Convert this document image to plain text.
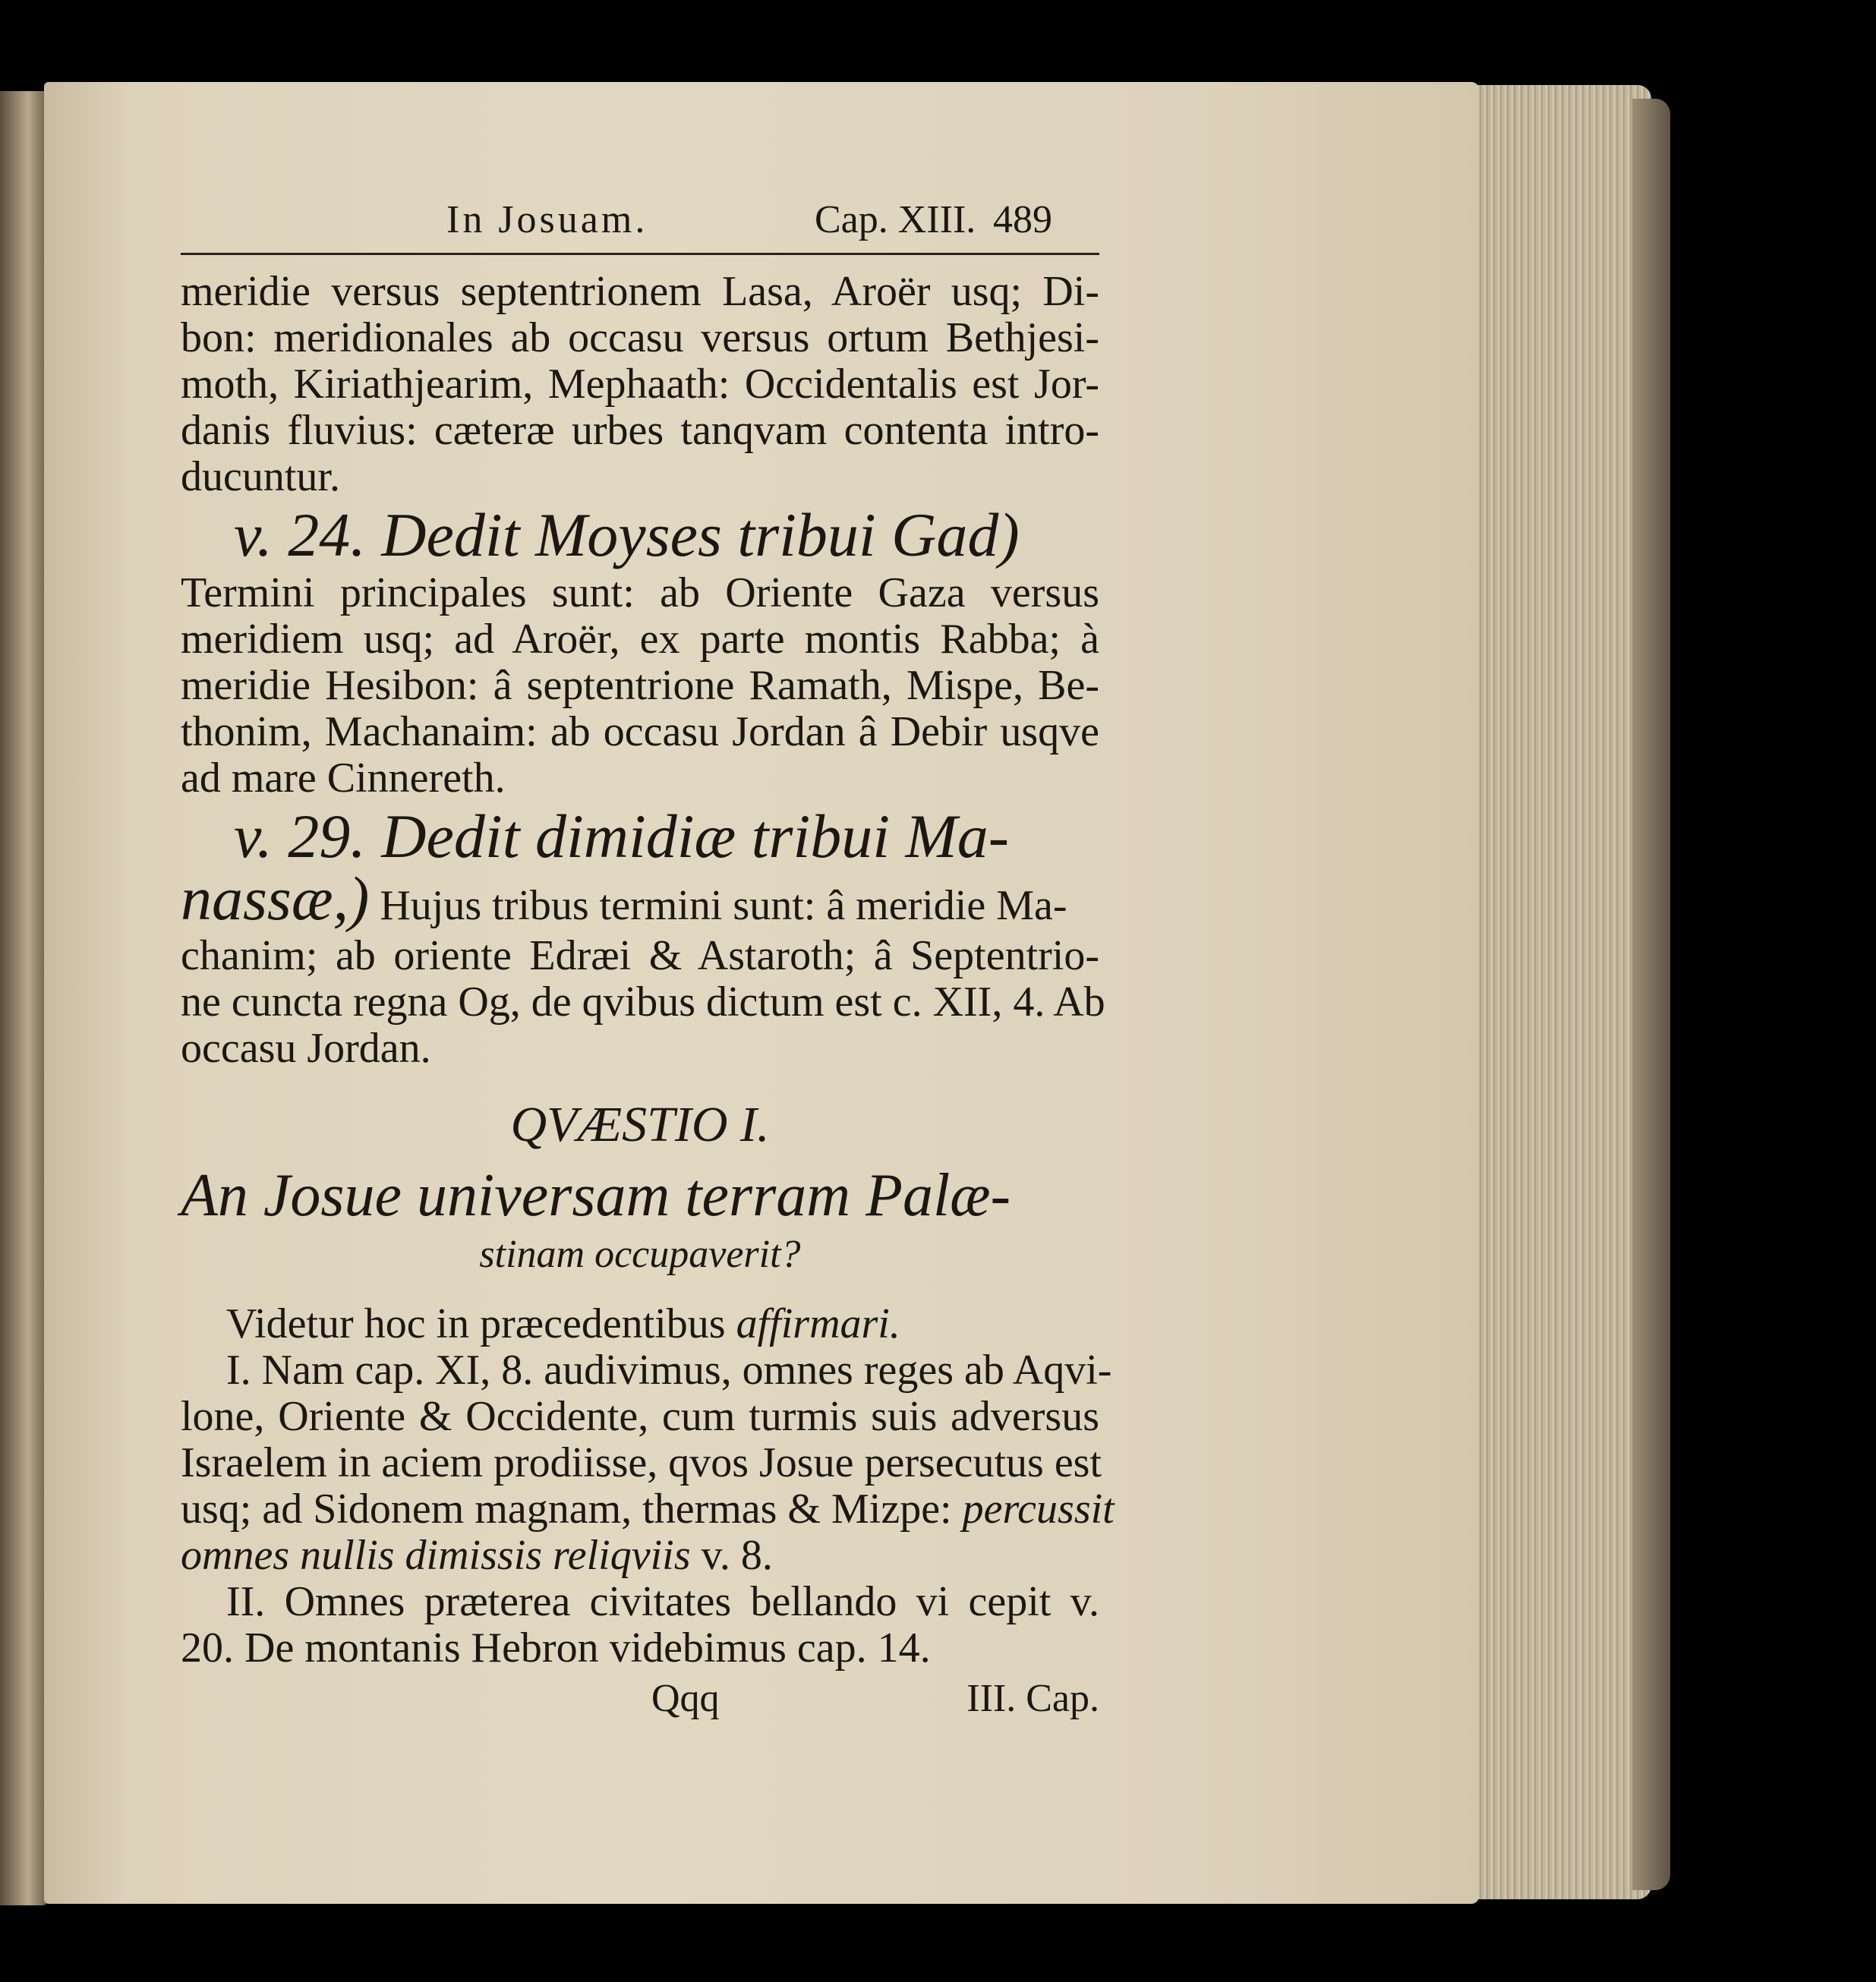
In Josuam.	Cap. XIII. 489
meridie versus septentrionem Lasa, Aroër usq; Di-
bon: meridionales ab occasu versus ortum Bethjesi-
moth, Kiriathjearim, Mephaath: Occidentalis est Jor-
danis fluvius: cæteræ urbes tanqvam contenta intro-
ducuntur.
v. 24. Dedit Moyses tribui Gad)
Termini principales sunt: ab Oriente Gaza versus
meridiem usq; ad Aroër, ex parte montis Rabba; à
meridie Hesibon: â septentrione Ramath, Mispe, Be-
thonim, Machanaim: ab occasu Jordan â Debir usqve
ad mare Cinnereth.
v. 29. Dedit dimidiæ tribui Ma-
nassæ,) Hujus tribus termini sunt: â meridie Ma-
chanim; ab oriente Edræi & Astaroth; â Septentrio-
ne cuncta regna Og, de qvibus dictum est c. XII, 4. Ab
occasu Jordan.
QVÆSTIO I.
An Josue universam terram Palæ-
stinam occupaverit?
Videtur hoc in præcedentibus affirmari.
I. Nam cap. XI, 8. audivimus, omnes reges ab Aqvi-
lone, Oriente & Occidente, cum turmis suis adversus
Israelem in aciem prodiisse, qvos Josue persecutus est
usq; ad Sidonem magnam, thermas & Mizpe: percussit
omnes nullis dimissis reliqviis v. 8.
II. Omnes præterea civitates bellando vi cepit v.
20. De montanis Hebron videbimus cap. 14.
Qqq	III. Cap.
